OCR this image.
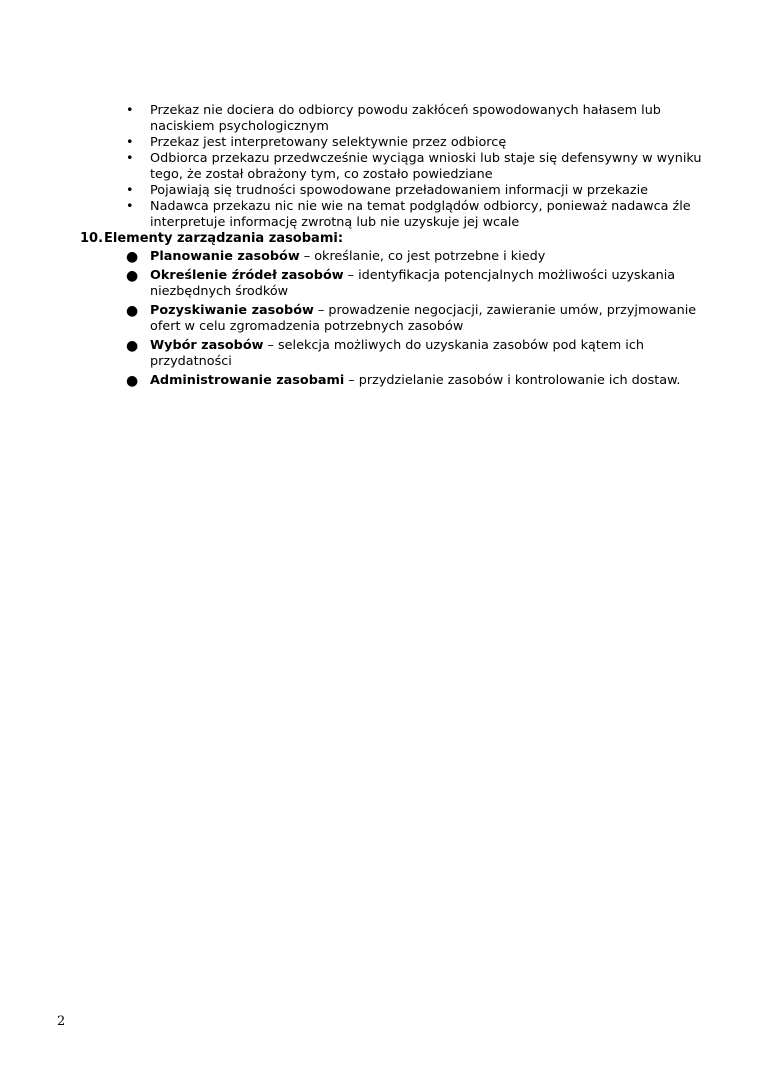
• Przekaz nie dociera do odbiorcy powodu zakłóceń spowodowanych hałasem lub naciskiem psychologicznym
• Przekaz jest interpretowany selektywnie przez odbiorcę
• Odbiorca przekazu przedwcześnie wyciąga wnioski lub staje się defensywny w wyniku tego, że został obrażony tym, co zostało powiedziane
• Pojawiają się trudności spowodowane przeładowaniem informacji w przekazie
• Nadawca przekazu nic nie wie na temat podglądów odbiorcy, ponieważ nadawca źle interpretuje informację zwrotną lub nie uzyskuje jej wcale

10.Elementy zarządzania zasobami:

● Planowanie zasobów – określanie, co jest potrzebne i kiedy
● Określenie źródeł zasobów – identyfikacja potencjalnych możliwości uzyskania niezbędnych środków
● Pozyskiwanie zasobów – prowadzenie negocjacji, zawieranie umów, przyjmowanie ofert w celu zgromadzenia potrzebnych zasobów
● Wybór zasobów – selekcja możliwych do uzyskania zasobów pod kątem ich przydatności
● Administrowanie zasobami – przydzielanie zasobów i kontrolowanie ich dostaw.
2
